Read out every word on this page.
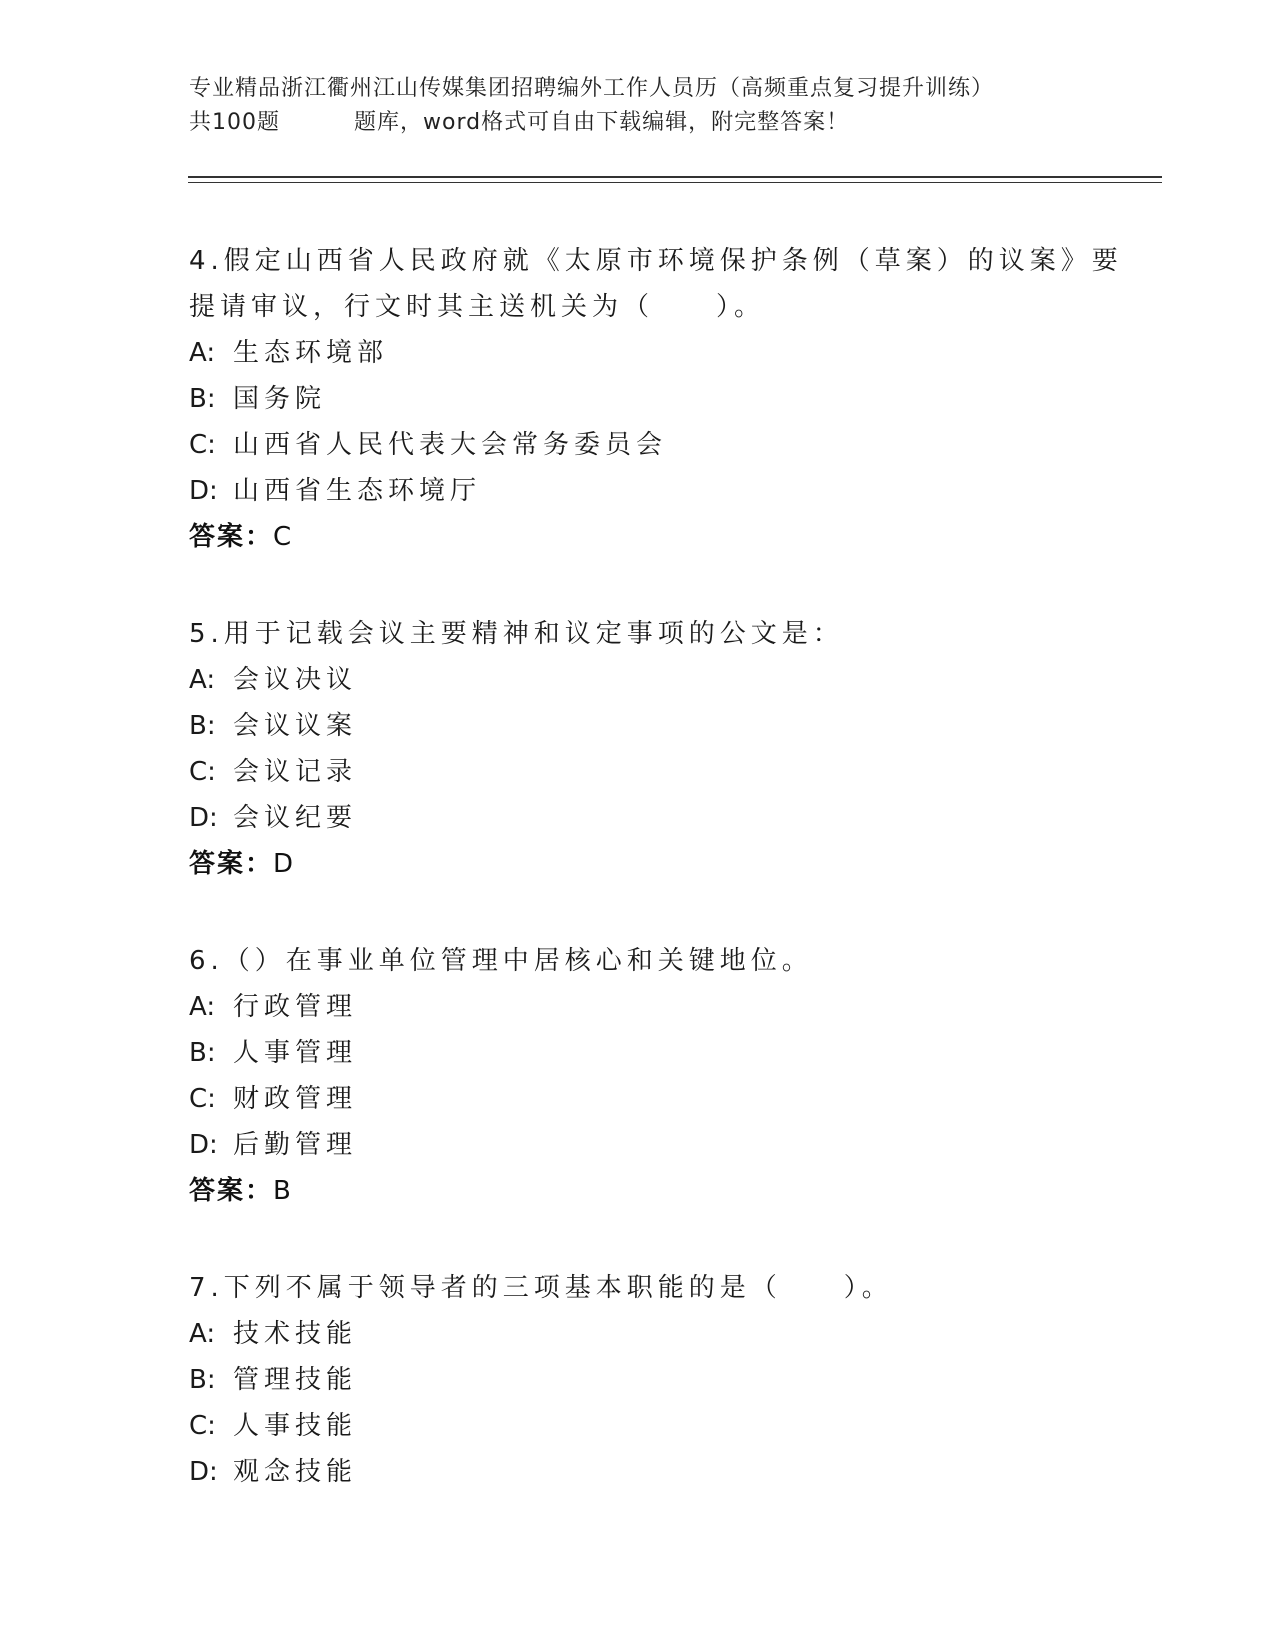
专业精品浙江衢州江山传媒集团招聘编外工作人员历（高频重点复习提升训练）
共100题	题库，word格式可自由下载编辑，附完整答案！
4.假定山西省人民政府就《太原市环境保护条例（草案）的议案》要提请审议，行文时其主送机关为（　　）。
A: 生态环境部
B: 国务院
C: 山西省人民代表大会常务委员会
D: 山西省生态环境厅
答案：C
5.用于记载会议主要精神和议定事项的公文是：
A: 会议决议
B: 会议议案
C: 会议记录
D: 会议纪要
答案：D
6.（）在事业单位管理中居核心和关键地位。
A: 行政管理
B: 人事管理
C: 财政管理
D: 后勤管理
答案：B
7.下列不属于领导者的三项基本职能的是（　　）。
A: 技术技能
B: 管理技能
C: 人事技能
D: 观念技能
